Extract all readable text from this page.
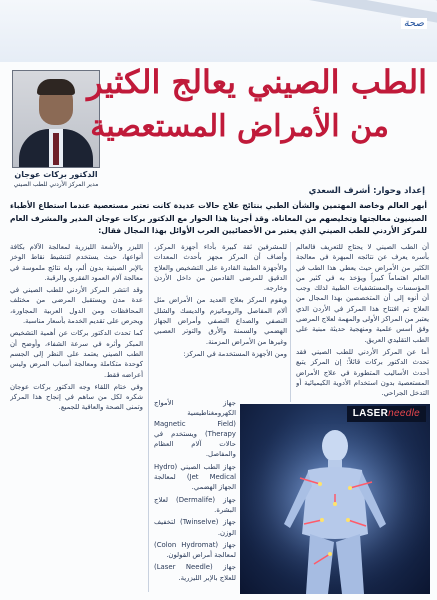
صحة
الدكتور بركات عوجان
مدير المركز الأردني للطب الصيني
الطب الصيني يعالج الكثير
من الأمراض المستعصية
إعداد وحوار: أشرف السعدي
أبهر العالم وخاصة المهتمين والشأن الطبي بنتائج علاج حالات عديدة كانت تعتبر مستعصية عندما استطاع الأطباء الصينيون معالجتها وتخليصهم من المعاناة. وقد أجرينا هذا الحوار مع الدكتور بركات عوجان المدير والمشرف العام للمركز الأردني للطب الصيني الذي يعتبر من الأخصائيين العرب الأوائل بهذا المجال فقال:

أن الطب الصيني لا يحتاج للتعريف فالعالم بأسره يعرف عن نتائجه المبهرة في معالجة الكثير من الأمراض حيث يعطي هذا الطب في العالم اهتماماً كبيراً ويؤخذ به في كثير من المؤسسات والمستشفيات الطبية لذلك وجب أن أنوه إلى أن المتخصصين بهذا المجال من العلاج تم افتتاح هذا المركز في الأردن الذي يعتبر من المراكز الأولى والمهمة لعلاج المرضى وفق أسس علمية ومنهجية حديثة مبنية على الطب التقليدي العريق.

أما عن المركز الأردني للطب الصيني فقد تحدث الدكتور بركات قائلاً: إن المركز يتبع أحدث الأساليب المتطورة في علاج الأمراض المستعصية بدون استخدام الأدوية الكيميائية أو التدخل الجراحي.

للمشرفين ثقة كبيرة بأداء أجهزة المركز، وأضاف أن المركز مجهز بأحدث المعدات والأجهزة الطبية القادرة على التشخيص والعلاج الدقيق للمرضى القادمين من داخل الأردن وخارجه.

ويقوم المركز بعلاج العديد من الأمراض مثل آلام المفاصل والروماتيزم والديسك والشلل النصفي والصداع النصفي وأمراض الجهاز الهضمي والسمنة والأرق والتوتر العصبي وغيرها من الأمراض المزمنة.

ومن الأجهزة المستخدمة في المركز:

جهاز الأمواج الكهرومغناطيسية (Magnetic Field Therapy) ويستخدم في حالات آلام العظام والمفاصل.

جهاز الطب الصيني (Hydro Jet Medical) لمعالجة الجهاز الهضمي.

جهاز (Dermalife) لعلاج البشرة.

جهاز (Twinselve) لتخفيف الوزن.

جهاز (Colon Hydromat) لمعالجة أمراض القولون.

جهاز (Laser Needle) للعلاج بالإبر الليزرية.

الليزر والأشعة الليزرية لمعالجة الآلام بكافة أنواعها، حيث يستخدم لتنشيط نقاط الوخز بالإبر الصينية بدون ألم، وله نتائج ملموسة في معالجة آلام العمود الفقري والرقبة.

وقد انتشر المركز الأردني للطب الصيني في عدة مدن ويستقبل المرضى من مختلف المحافظات ومن الدول العربية المجاورة، ويحرص على تقديم الخدمة بأسعار مناسبة.

كما تحدث الدكتور بركات عن أهمية التشخيص المبكر وأثره في سرعة الشفاء، وأوضح أن الطب الصيني يعتمد على النظر إلى الجسم كوحدة متكاملة ومعالجة أسباب المرض وليس أعراضه فقط.

وفي ختام اللقاء وجه الدكتور بركات عوجان شكره لكل من ساهم في إنجاح هذا المركز وتمنى الصحة والعافية للجميع.

LASERneedle
